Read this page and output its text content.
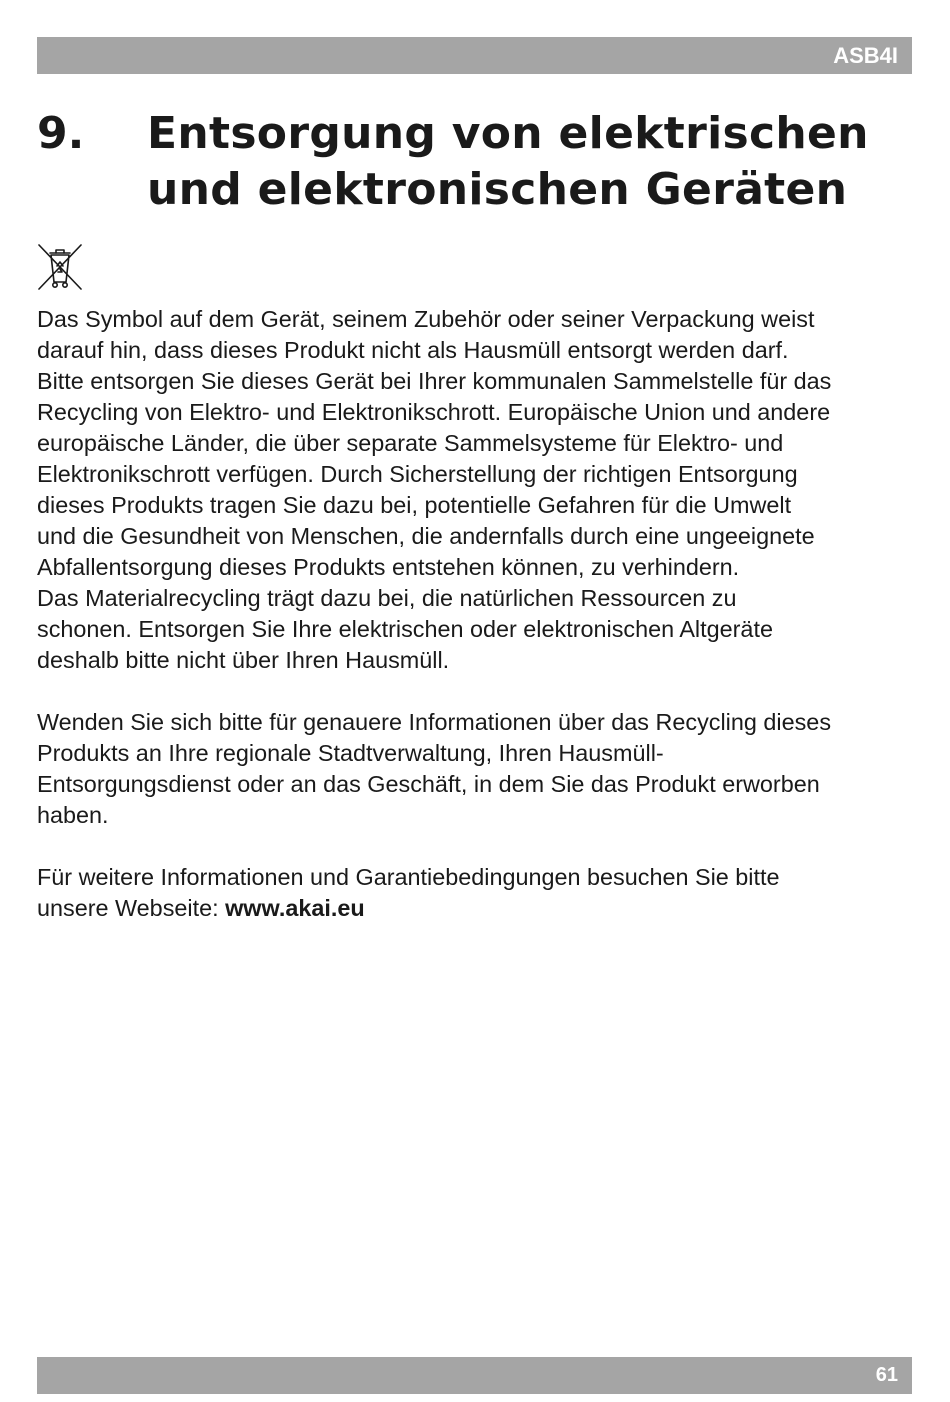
ASB4I
9. Entsorgung von elektrischen
und elektronischen Geräten

Das Symbol auf dem Gerät, seinem Zubehör oder seiner Verpackung weist
darauf hin, dass dieses Produkt nicht als Hausmüll entsorgt werden darf.
Bitte entsorgen Sie dieses Gerät bei Ihrer kommunalen Sammelstelle für das
Recycling von Elektro- und Elektronikschrott. Europäische Union und andere
europäische Länder, die über separate Sammelsysteme für Elektro- und
Elektronikschrott verfügen. Durch Sicherstellung der richtigen Entsorgung
dieses Produkts tragen Sie dazu bei, potentielle Gefahren für die Umwelt
und die Gesundheit von Menschen, die andernfalls durch eine ungeeignete
Abfallentsorgung dieses Produkts entstehen können, zu verhindern.
Das Materialrecycling trägt dazu bei, die natürlichen Ressourcen zu
schonen. Entsorgen Sie Ihre elektrischen oder elektronischen Altgeräte
deshalb bitte nicht über Ihren Hausmüll.

Wenden Sie sich bitte für genauere Informationen über das Recycling dieses
Produkts an Ihre regionale Stadtverwaltung, Ihren Hausmüll-
Entsorgungsdienst oder an das Geschäft, in dem Sie das Produkt erworben
haben.

Für weitere Informationen und Garantiebedingungen besuchen Sie bitte
unsere Webseite: www.akai.eu

61
